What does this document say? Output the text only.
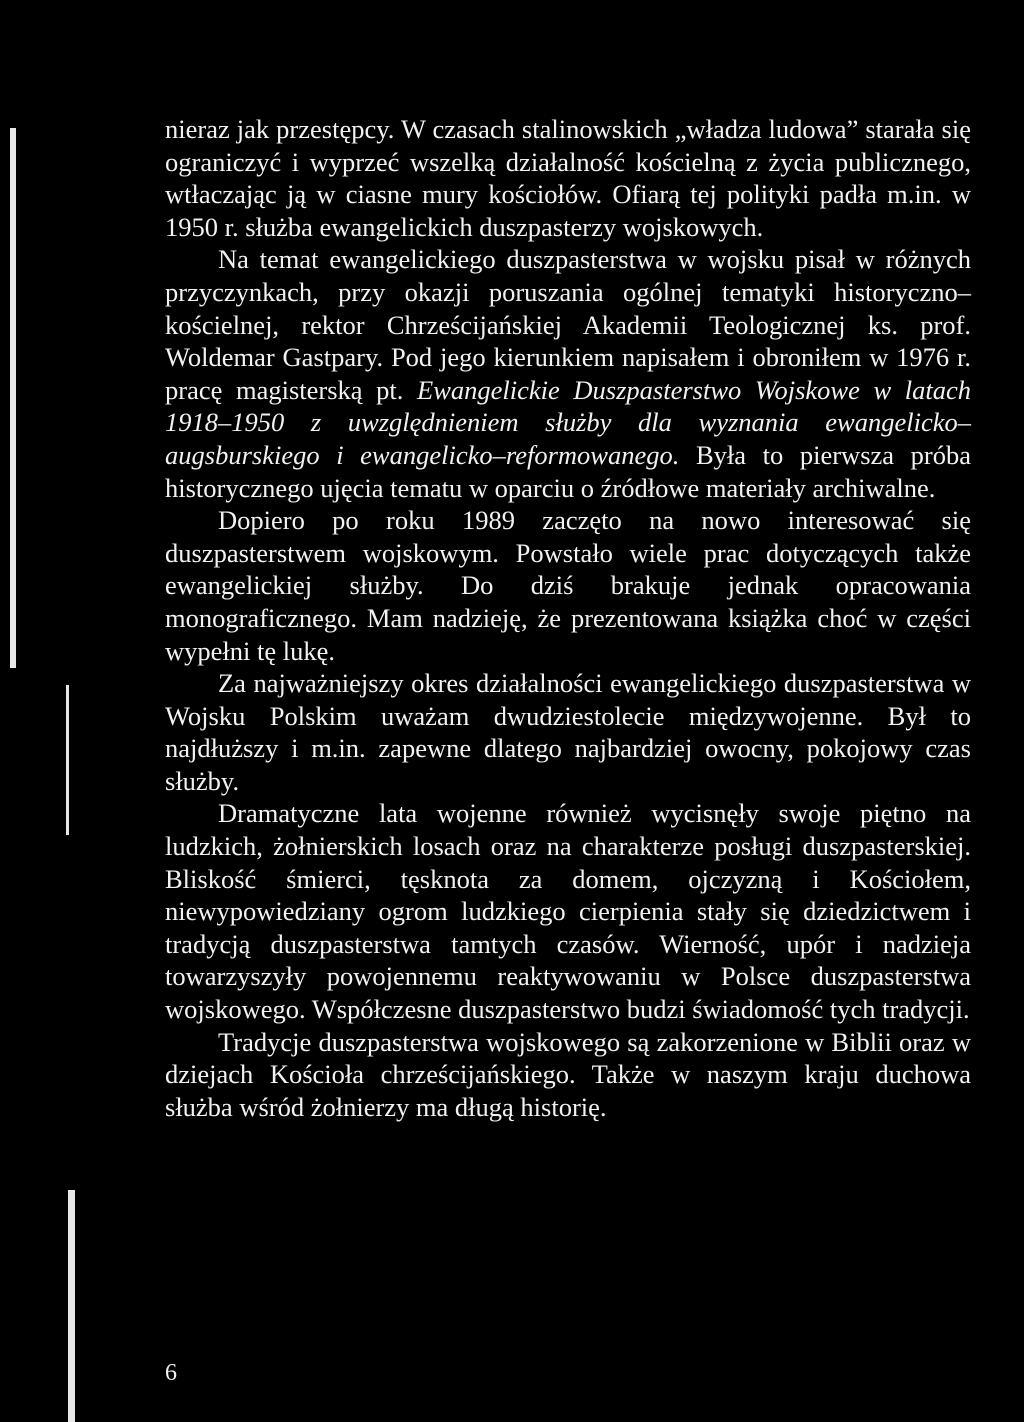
nieraz jak przestępcy. W czasach stalinowskich „władza ludowa” starała się ograniczyć i wyprzeć wszelką działalność kościelną z życia publicznego, wtłaczając ją w ciasne mury kościołów. Ofiarą tej polityki padła m.in. w 1950 r. służba ewangelickich duszpasterzy wojskowych.

Na temat ewangelickiego duszpasterstwa w wojsku pisał w różnych przyczynkach, przy okazji poruszania ogólnej tematyki historyczno–kościelnej, rektor Chrześcijańskiej Akademii Teologicznej ks. prof. Woldemar Gastpary. Pod jego kierunkiem napisałem i obroniłem w 1976 r. pracę magisterską pt. Ewangelickie Duszpasterstwo Wojskowe w latach 1918–1950 z uwzględnieniem służby dla wyznania ewangelicko–augsburskiego i ewangelicko–reformowanego. Była to pierwsza próba historycznego ujęcia tematu w oparciu o źródłowe materiały archiwalne.

Dopiero po roku 1989 zaczęto na nowo interesować się duszpasterstwem wojskowym. Powstało wiele prac dotyczących także ewangelickiej służby. Do dziś brakuje jednak opracowania monograficznego. Mam nadzieję, że prezentowana książka choć w części wypełni tę lukę.

Za najważniejszy okres działalności ewangelickiego duszpasterstwa w Wojsku Polskim uważam dwudziestolecie międzywojenne. Był to najdłuższy i m.in. zapewne dlatego najbardziej owocny, pokojowy czas służby.

Dramatyczne lata wojenne również wycisnęły swoje piętno na ludzkich, żołnierskich losach oraz na charakterze posługi duszpasterskiej. Bliskość śmierci, tęsknota za domem, ojczyzną i Kościołem, niewypowiedziany ogrom ludzkiego cierpienia stały się dziedzictwem i tradycją duszpasterstwa tamtych czasów. Wierność, upór i nadzieja towarzyszyły powojennemu reaktywowaniu w Polsce duszpasterstwa wojskowego. Współczesne duszpasterstwo budzi świadomość tych tradycji.

Tradycje duszpasterstwa wojskowego są zakorzenione w Biblii oraz w dziejach Kościoła chrześcijańskiego. Także w naszym kraju duchowa służba wśród żołnierzy ma długą historię.

6
